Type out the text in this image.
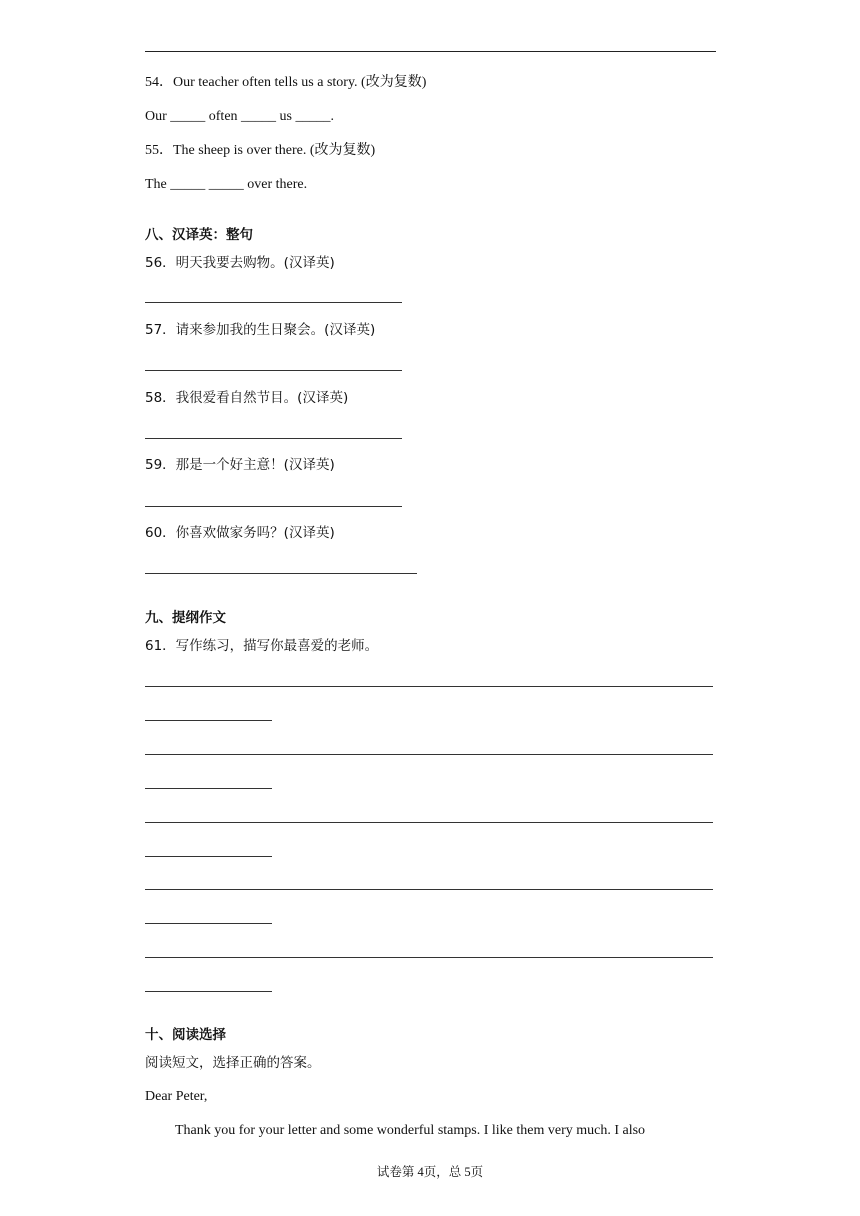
54．Our teacher often tells us a story. (改为复数)
Our _____ often _____ us _____.
55．The sheep is over there. (改为复数)
The _____ _____ over there.
八、汉译英：整句
56．明天我要去购物。(汉译英)
57．请来参加我的生日聚会。(汉译英)
58．我很爱看自然节目。(汉译英)
59．那是一个好主意！(汉译英)
60．你喜欢做家务吗？(汉译英)
九、提纲作文
61．写作练习，描写你最喜爱的老师。
十、阅读选择
阅读短文，选择正确的答案。
Dear Peter,
Thank you for your letter and some wonderful stamps. I like them very much. I also
试卷第 4页，总 5页
